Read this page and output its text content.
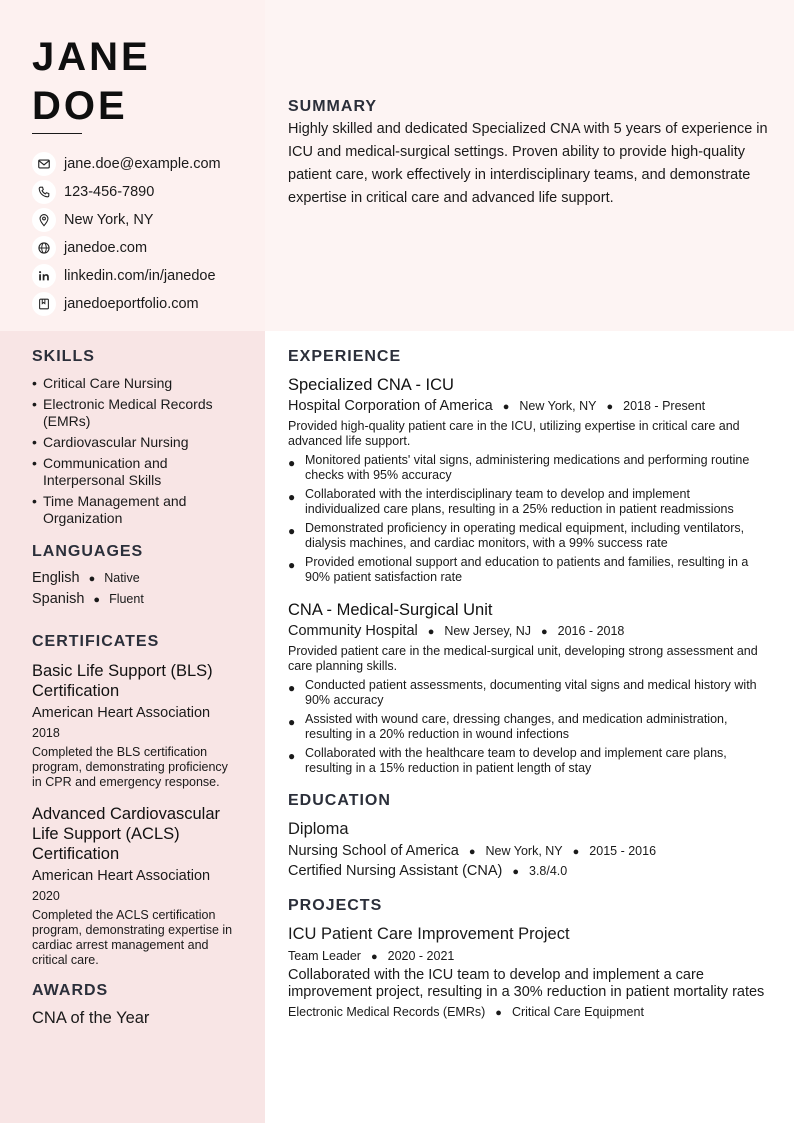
JANE
DOE
jane.doe@example.com
123-456-7890
New York, NY
janedoe.com
linkedin.com/in/janedoe
janedoeportfolio.com
SUMMARY

Highly skilled and dedicated Specialized CNA with 5 years of experience in ICU and medical-surgical settings. Proven ability to provide high-quality patient care, work effectively in interdisciplinary teams, and demonstrate expertise in critical care and advanced life support.

SKILLS
• Critical Care Nursing
• Electronic Medical Records (EMRs)
• Cardiovascular Nursing
• Communication and Interpersonal Skills
• Time Management and Organization
LANGUAGES
English ● Native
Spanish ● Fluent
CERTIFICATES
Basic Life Support (BLS) Certification
American Heart Association
2018
Completed the BLS certification program, demonstrating proficiency in CPR and emergency response.
Advanced Cardiovascular Life Support (ACLS) Certification
American Heart Association
2020
Completed the ACLS certification program, demonstrating expertise in cardiac arrest management and critical care.
AWARDS
CNA of the Year
EXPERIENCE
Specialized CNA - ICU
Hospital Corporation of America ● New York, NY ● 2018 - Present
Provided high-quality patient care in the ICU, utilizing expertise in critical care and advanced life support.
● Monitored patients' vital signs, administering medications and performing routine checks with 95% accuracy
● Collaborated with the interdisciplinary team to develop and implement individualized care plans, resulting in a 25% reduction in patient readmissions
● Demonstrated proficiency in operating medical equipment, including ventilators, dialysis machines, and cardiac monitors, with a 99% success rate
● Provided emotional support and education to patients and families, resulting in a 90% patient satisfaction rate
CNA - Medical-Surgical Unit
Community Hospital ● New Jersey, NJ ● 2016 - 2018
Provided patient care in the medical-surgical unit, developing strong assessment and care planning skills.
● Conducted patient assessments, documenting vital signs and medical history with 90% accuracy
● Assisted with wound care, dressing changes, and medication administration, resulting in a 20% reduction in wound infections
● Collaborated with the healthcare team to develop and implement care plans, resulting in a 15% reduction in patient length of stay
EDUCATION
Diploma
Nursing School of America ● New York, NY ● 2015 - 2016
Certified Nursing Assistant (CNA) ● 3.8/4.0
PROJECTS
ICU Patient Care Improvement Project
Team Leader ● 2020 - 2021
Collaborated with the ICU team to develop and implement a care improvement project, resulting in a 30% reduction in patient mortality rates
Electronic Medical Records (EMRs) ● Critical Care Equipment
